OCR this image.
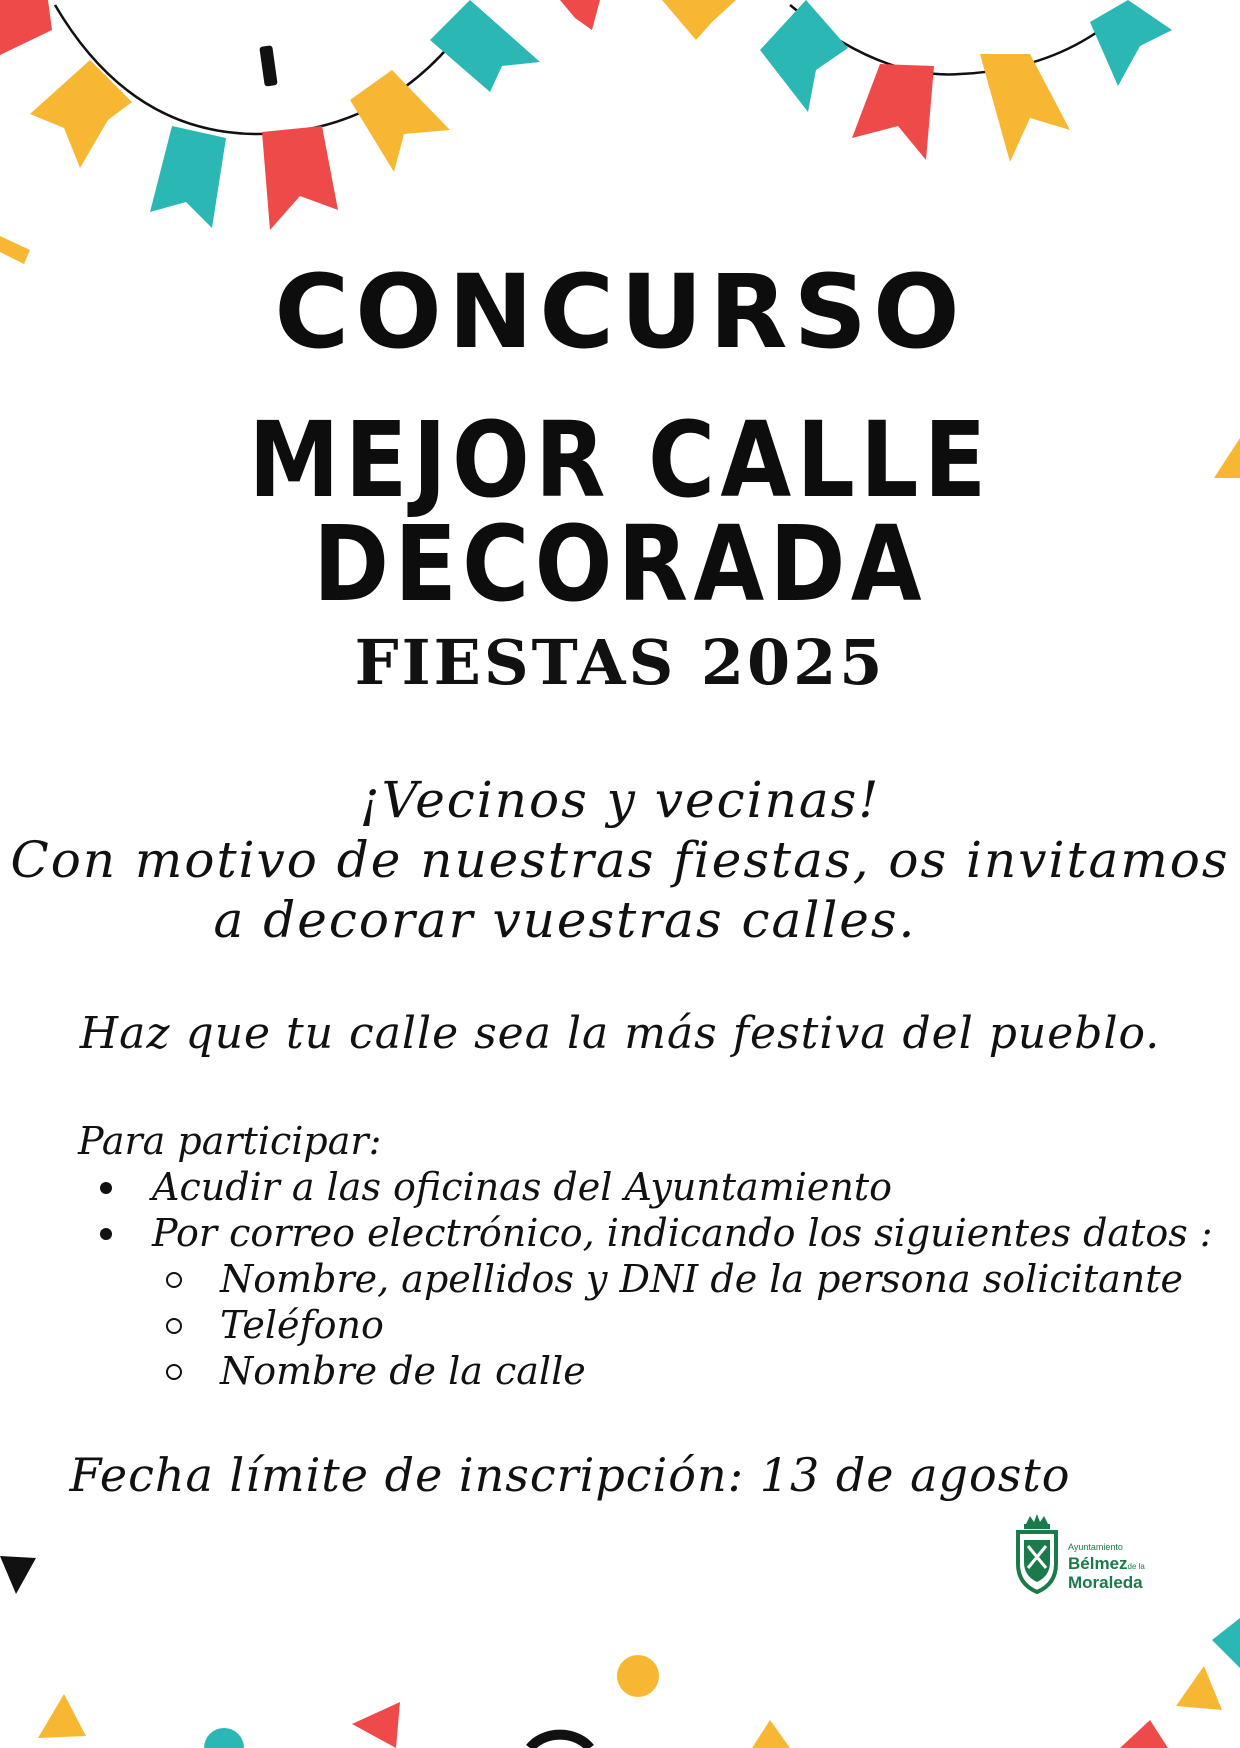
CONCURSO
MEJOR CALLE DECORADA
FIESTAS 2025
¡Vecinos y vecinas!
Con motivo de nuestras fiestas, os invitamos
a decorar vuestras calles.
Haz que tu calle sea la más festiva del pueblo.
Para participar:
Acudir a las oficinas del Ayuntamiento
Por correo electrónico, indicando los siguientes datos :
Nombre, apellidos y DNI de la persona solicitante
Teléfono
Nombre de la calle
Fecha límite de inscripción: 13 de agosto
Ayuntamiento
Bélmezde la
Moraleda
